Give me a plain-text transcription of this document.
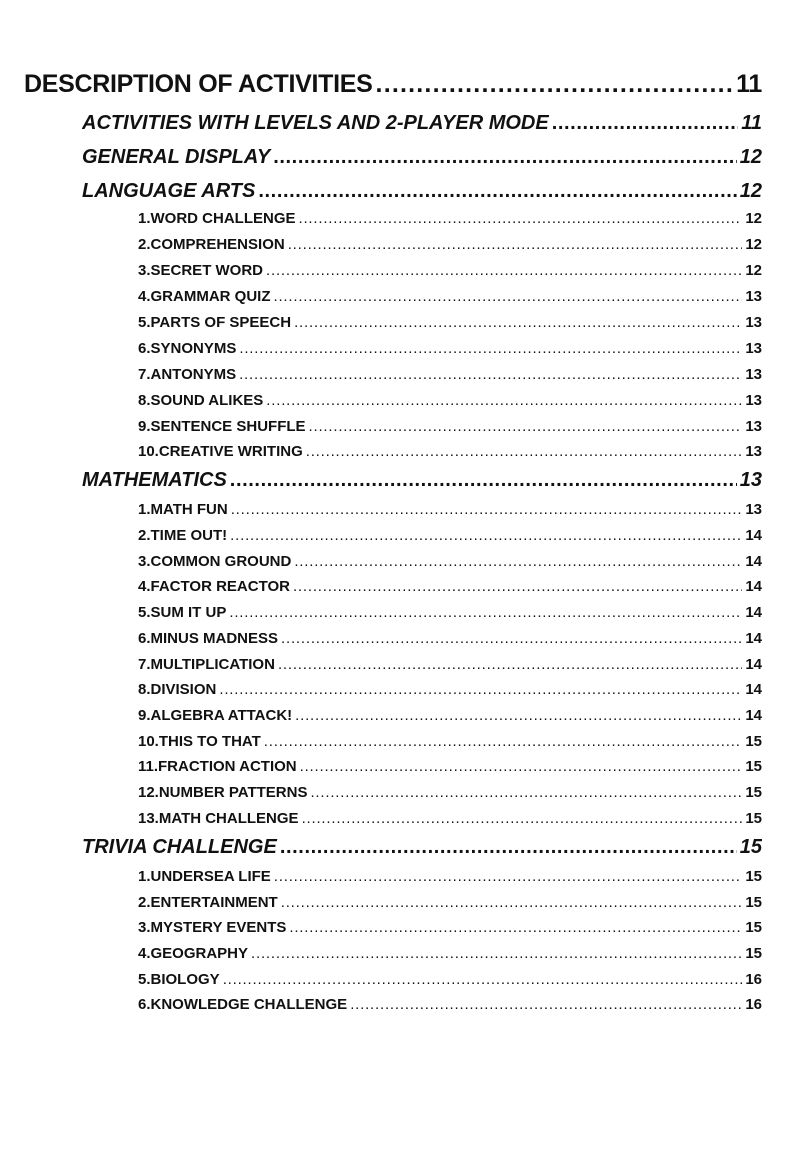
DESCRIPTION OF ACTIVITIES .....	11
ACTIVITIES WITH LEVELS AND 2-PLAYER MODE .....	11
GENERAL DISPLAY .....	12
LANGUAGE ARTS .....	12
1.WORD CHALLENGE .....	12
2.COMPREHENSION .....	12
3.SECRET WORD .....	12
4.GRAMMAR QUIZ .....	13
5.PARTS OF SPEECH .....	13
6.SYNONYMS .....	13
7.ANTONYMS .....	13
8.SOUND ALIKES .....	13
9.SENTENCE SHUFFLE .....	13
10.CREATIVE WRITING .....	13
MATHEMATICS .....	13
1.MATH FUN .....	13
2.TIME OUT! .....	14
3.COMMON GROUND .....	14
4.FACTOR REACTOR .....	14
5.SUM IT UP .....	14
6.MINUS MADNESS .....	14
7.MULTIPLICATION .....	14
8.DIVISION .....	14
9.ALGEBRA ATTACK! .....	14
10.THIS TO THAT .....	15
11.FRACTION ACTION .....	15
12.NUMBER PATTERNS .....	15
13.MATH CHALLENGE .....	15
TRIVIA CHALLENGE .....	15
1.UNDERSEA LIFE .....	15
2.ENTERTAINMENT .....	15
3.MYSTERY EVENTS .....	15
4.GEOGRAPHY .....	15
5.BIOLOGY .....	16
6.KNOWLEDGE CHALLENGE .....	16
